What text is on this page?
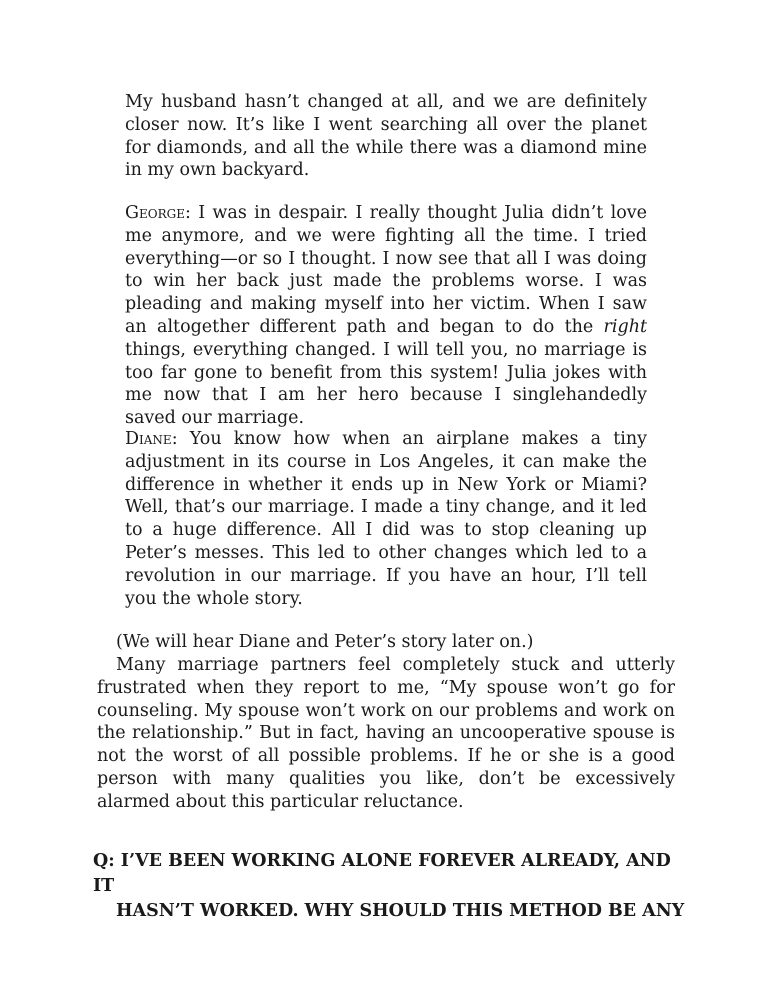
My husband hasn’t changed at all, and we are definitely closer now. It’s like I went searching all over the planet for diamonds, and all the while there was a diamond mine in my own backyard.

George: I was in despair. I really thought Julia didn’t love me anymore, and we were fighting all the time. I tried everything—or so I thought. I now see that all I was doing to win her back just made the problems worse. I was pleading and making myself into her victim. When I saw an altogether different path and began to do the right things, everything changed. I will tell you, no marriage is too far gone to benefit from this system! Julia jokes with me now that I am her hero because I singlehandedly saved our marriage.

Diane: You know how when an airplane makes a tiny adjustment in its course in Los Angeles, it can make the difference in whether it ends up in New York or Miami? Well, that’s our marriage. I made a tiny change, and it led to a huge difference. All I did was to stop cleaning up Peter’s messes. This led to other changes which led to a revolution in our marriage. If you have an hour, I’ll tell you the whole story.

(We will hear Diane and Peter’s story later on.)

Many marriage partners feel completely stuck and utterly frustrated when they report to me, “My spouse won’t go for counseling. My spouse won’t work on our problems and work on the relationship.” But in fact, having an uncooperative spouse is not the worst of all possible problems. If he or she is a good person with many qualities you like, don’t be excessively alarmed about this particular reluctance.

Q: I’VE BEEN WORKING ALONE FOREVER ALREADY, AND IT
HASN’T WORKED. WHY SHOULD THIS METHOD BE ANY
